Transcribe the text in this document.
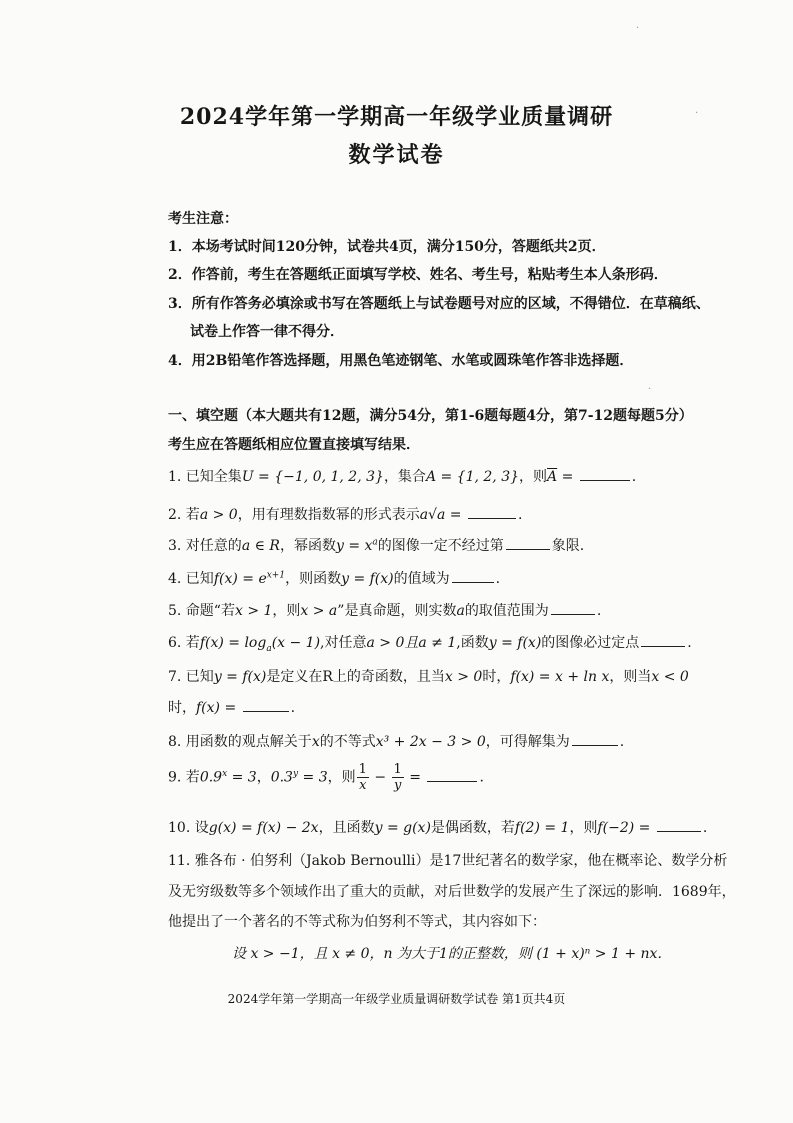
2024学年第一学期高一年级学业质量调研
数学试卷
考生注意：
1．本场考试时间120分钟，试卷共4页，满分150分，答题纸共2页．
2．作答前，考生在答题纸正面填写学校、姓名、考生号，粘贴考生本人条形码．
3．所有作答务必填涂或书写在答题纸上与试卷题号对应的区域，不得错位．在草稿纸、
试卷上作答一律不得分．
4．用2B铅笔作答选择题，用黑色笔迹钢笔、水笔或圆珠笔作答非选择题．
一、填空题（本大题共有12题，满分54分，第1-6题每题4分，第7-12题每题5分）
考生应在答题纸相应位置直接填写结果．
1. 已知全集U = {−1, 0, 1, 2, 3}，集合A = {1, 2, 3}，则$\overline{A}$ =	.
2. 若a > 0，用有理数指数幂的形式表示a√a =	.
3. 对任意的a ∈ R，幂函数$y = x^a$的图像一定不经过第	象限.
4. 已知$f(x) = e^{x+1}$，则函数y = f(x)的值域为	.
5. 命题“若x > 1，则x > a”是真命题，则实数a的取值范围为	.
6. 若$f(x) = \log_a(x - 1)$,对任意a > 0且a ≠ 1,函数y = f(x)的图像必过定点	.
7. 已知y = f(x)是定义在R上的奇函数，且当x > 0时，f(x) = x + ln x，则当x < 0
时，f(x) =	.
8. 用函数的观点解关于x的不等式x³ + 2x − 3 > 0，可得解集为	.
9. 若$0.9^x = 3$，$0.3^y = 3$，则 $\frac{1}{x} - \frac{1}{y}$ =	.
10. 设g(x) = f(x) − 2x，且函数y = g(x)是偶函数，若f(2) = 1，则f(−2) =	.
11. 雅各布 · 伯努利（Jakob Bernoulli）是17世纪著名的数学家，他在概率论、数学分析
及无穷级数等多个领域作出了重大的贡献，对后世数学的发展产生了深远的影响．1689年，
他提出了一个著名的不等式称为伯努利不等式，其内容如下：
设 x > −1，且 x ≠ 0，n 为大于1的正整数，则 (1 + x)ⁿ > 1 + nx．
2024学年第一学期高一年级学业质量调研数学试卷 第1页共4页
.
·
·
